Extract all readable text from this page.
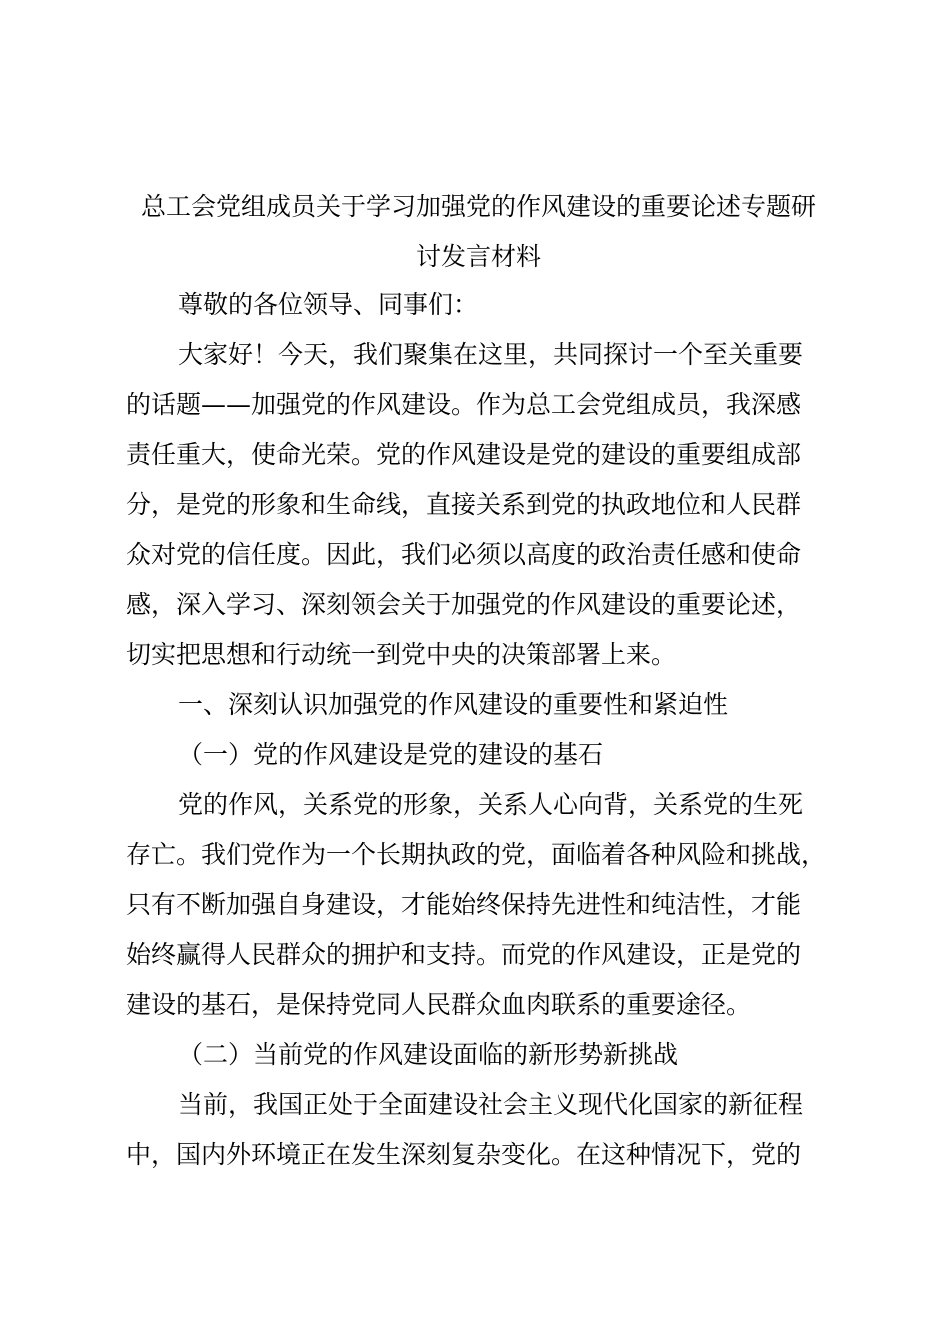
总工会党组成员关于学习加强党的作风建设的重要论述专题研
讨发言材料

尊敬的各位领导、同事们：

大家好！今天，我们聚集在这里，共同探讨一个至关重要
的话题——加强党的作风建设。作为总工会党组成员，我深感
责任重大，使命光荣。党的作风建设是党的建设的重要组成部
分，是党的形象和生命线，直接关系到党的执政地位和人民群
众对党的信任度。因此，我们必须以高度的政治责任感和使命
感，深入学习、深刻领会关于加强党的作风建设的重要论述，
切实把思想和行动统一到党中央的决策部署上来。

一、深刻认识加强党的作风建设的重要性和紧迫性

（一）党的作风建设是党的建设的基石

党的作风，关系党的形象，关系人心向背，关系党的生死
存亡。我们党作为一个长期执政的党，面临着各种风险和挑战，
只有不断加强自身建设，才能始终保持先进性和纯洁性，才能
始终赢得人民群众的拥护和支持。而党的作风建设，正是党的
建设的基石，是保持党同人民群众血肉联系的重要途径。

（二）当前党的作风建设面临的新形势新挑战

当前，我国正处于全面建设社会主义现代化国家的新征程
中，国内外环境正在发生深刻复杂变化。在这种情况下，党的
